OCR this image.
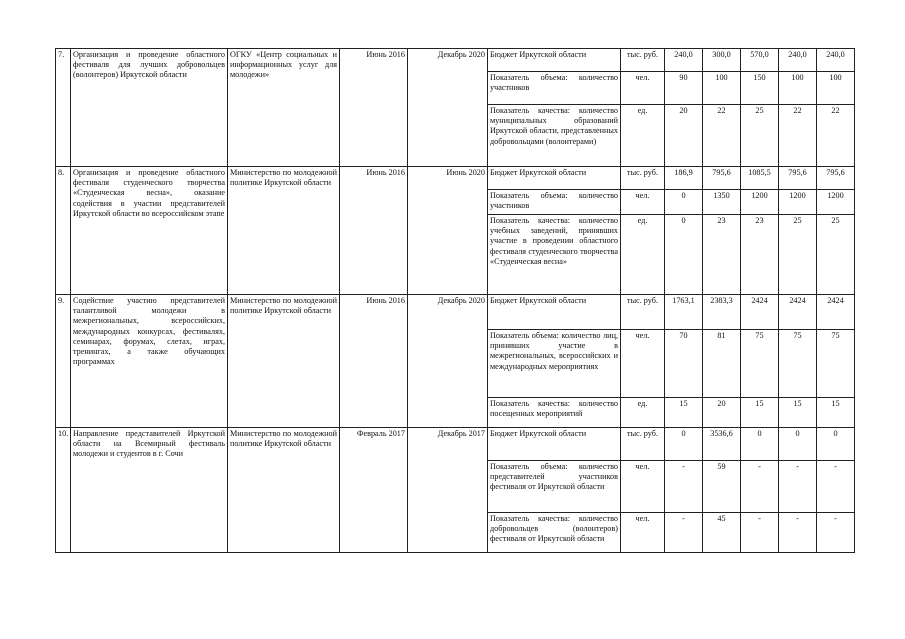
7.	Организация и проведение областного фестиваля для лучших добровольцев (волонтеров) Иркутской области	ОГКУ «Центр социальных и информационных услуг для молодежи»	Июнь 2016	Декабрь 2020	Бюджет Иркутской области	тыс. руб.	240,0	300,0	570,0	240,0	240,0
					Показатель объема: количество участников	чел.	90	100	150	100	100
					Показатель качества: количество муниципальных образований Иркутской области, представленных добровольцами (волонтерами)	ед.	20	22	25	22	22
8.	Организация и проведение областного фестиваля студенческого творчества «Студенческая весна», оказание содействия в участии представителей Иркутской области во всероссийском этапе	Министерство по молодежной политике Иркутской области	Июнь 2016	Июнь 2020	Бюджет Иркутской области	тыс. руб.	186,9	795,6	1085,5	795,6	795,6
					Показатель объема: количество участников	чел.	0	1350	1200	1200	1200
					Показатель качества: количество учебных заведений, принявших участие в проведении областного фестиваля студенческого творчества «Студенческая весна»	ед.	0	23	23	25	25
9.	Содействие участию представителей талантливой молодежи в межрегиональных, всероссийских, международных конкурсах, фестивалях, семинарах, форумах, слетах, играх, тренингах, а также обучающих программах	Министерство по молодежной политике Иркутской области	Июнь 2016	Декабрь 2020	Бюджет Иркутской области	тыс. руб.	1763,1	2383,3	2424	2424	2424
					Показатель объема: количество лиц, принявших участие в межрегиональных, всероссийских и международных мероприятиях	чел.	70	81	75	75	75
					Показатель качества: количество посещенных мероприятий	ед.	15	20	15	15	15
10.	Направление представителей Иркутской области на Всемирный фестиваль молодежи и студентов в г. Сочи	Министерство по молодежной политике Иркутской области	Февраль 2017	Декабрь 2017	Бюджет Иркутской области	тыс. руб.	0	3536,6	0	0	0
					Показатель объема: количество представителей участников фестиваля от Иркутской области	чел.	-	59	-	-	-
					Показатель качества: количество добровольцев (волонтеров) фестиваля от Иркутской области	чел.	-	45	-	-	-
